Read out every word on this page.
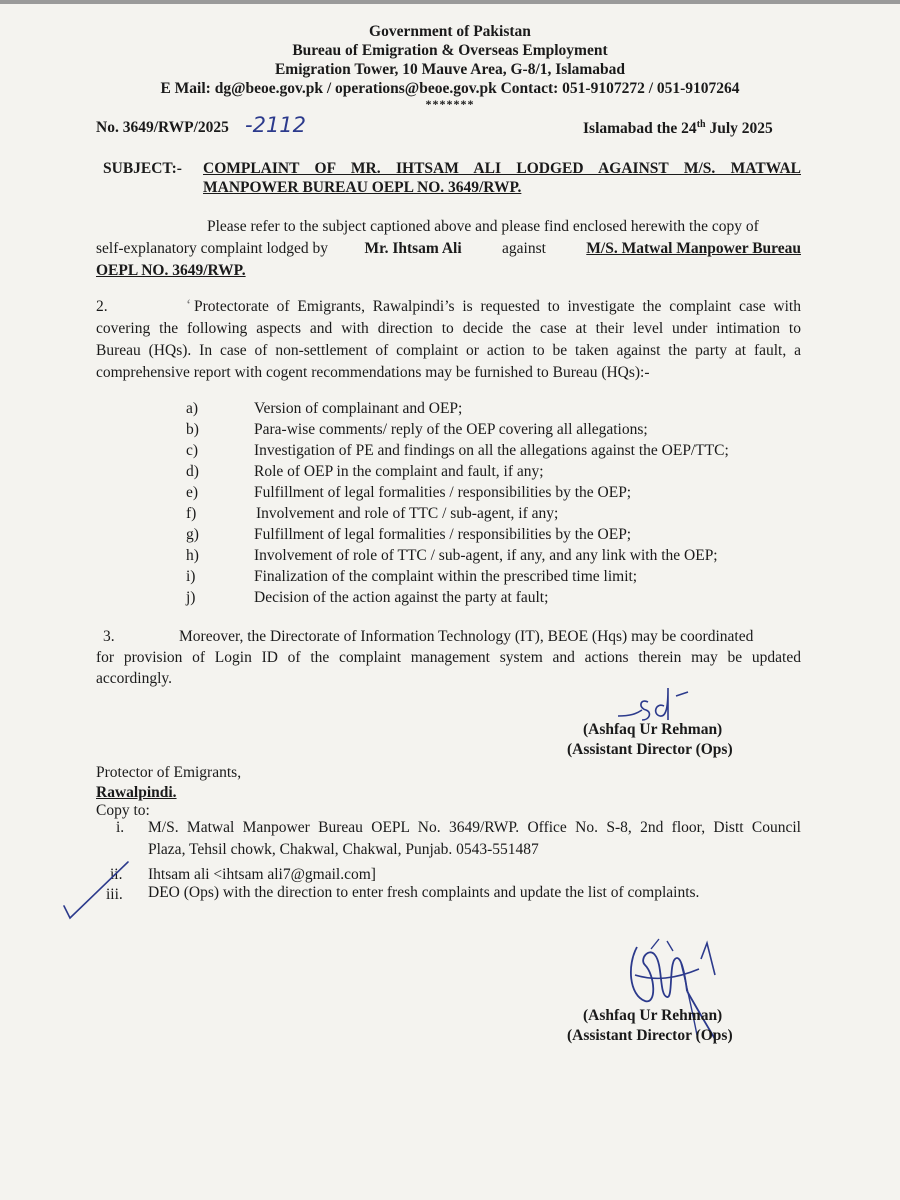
Government of Pakistan
Bureau of Emigration & Overseas Employment
Emigration Tower, 10 Mauve Area, G-8/1, Islamabad
E Mail: dg@beoe.gov.pk / operations@beoe.gov.pk Contact: 051-9107272 / 051-9107264
*******
No. 3649/RWP/2025 -2112	Islamabad the 24th July 2025
SUBJECT:- COMPLAINT OF MR. IHTSAM ALI LODGED AGAINST M/S. MATWAL
MANPOWER BUREAU OEPL NO. 3649/RWP.
Please refer to the subject captioned above and please find enclosed herewith the copy of
self-explanatory complaint lodged by Mr. Ihtsam Ali against M/S. Matwal Manpower Bureau
OEPL NO. 3649/RWP.
2.	‘ Protectorate of Emigrants, Rawalpindi’s is requested to investigate the complaint case with
covering the following aspects and with direction to decide the case at their level under intimation to
Bureau (HQs). In case of non-settlement of complaint or action to be taken against the party at fault, a
comprehensive report with cogent recommendations may be furnished to Bureau (HQs):-
a)	Version of complainant and OEP;
b)	Para-wise comments/ reply of the OEP covering all allegations;
c)	Investigation of PE and findings on all the allegations against the OEP/TTC;
d)	Role of OEP in the complaint and fault, if any;
e)	Fulfillment of legal formalities / responsibilities by the OEP;
f)	Involvement and role of TTC / sub-agent, if any;
g)	Fulfillment of legal formalities / responsibilities by the OEP;
h)	Involvement of role of TTC / sub-agent, if any, and any link with the OEP;
i)	Finalization of the complaint within the prescribed time limit;
j)	Decision of the action against the party at fault;
3.	Moreover, the Directorate of Information Technology (IT), BEOE (Hqs) may be coordinated
for provision of Login ID of the complaint management system and actions therein may be updated
accordingly.
(Ashfaq Ur Rehman)
(Assistant Director (Ops)
Protector of Emigrants,
Rawalpindi.
Copy to:
i. M/S. Matwal Manpower Bureau OEPL No. 3649/RWP. Office No. S-8, 2nd floor, Distt Council
Plaza, Tehsil chowk, Chakwal, Chakwal, Punjab. 0543-551487
ii. Ihtsam ali <ihtsam ali7@gmail.com]
iii. DEO (Ops) with the direction to enter fresh complaints and update the list of complaints.
(Ashfaq Ur Rehman)
(Assistant Director (Ops)
